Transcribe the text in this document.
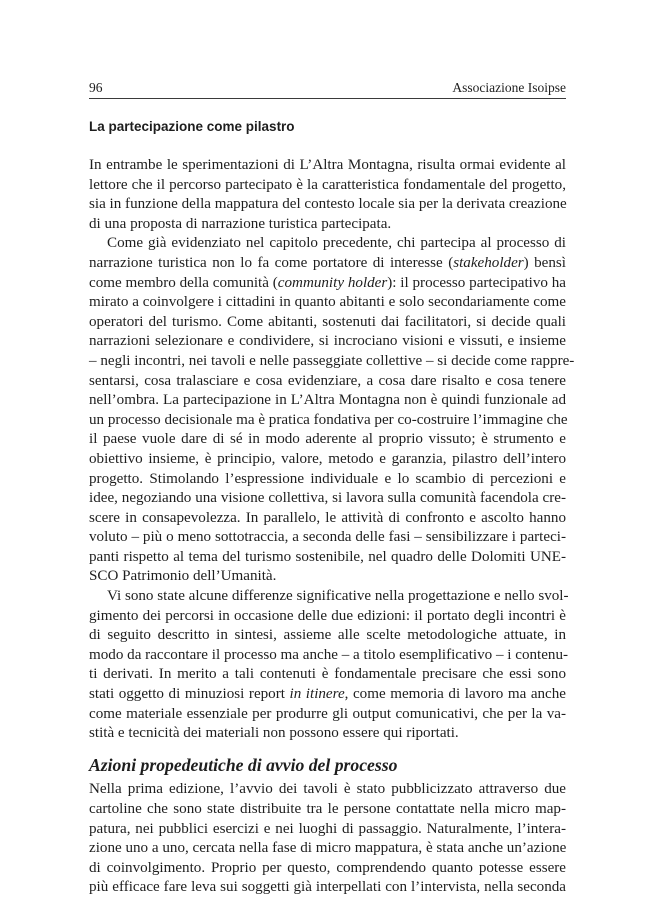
96	Associazione Isoipse
La partecipazione come pilastro
In entrambe le sperimentazioni di L’Altra Montagna, risulta ormai evidente al
lettore che il percorso partecipato è la caratteristica fondamentale del progetto,
sia in funzione della mappatura del contesto locale sia per la derivata creazione
di una proposta di narrazione turistica partecipata.
Come già evidenziato nel capitolo precedente, chi partecipa al processo di
narrazione turistica non lo fa come portatore di interesse (stakeholder) bensì
come membro della comunità (community holder): il processo partecipativo ha
mirato a coinvolgere i cittadini in quanto abitanti e solo secondariamente come
operatori del turismo. Come abitanti, sostenuti dai facilitatori, si decide quali
narrazioni selezionare e condividere, si incrociano visioni e vissuti, e insieme
– negli incontri, nei tavoli e nelle passeggiate collettive – si decide come rappre-
sentarsi, cosa tralasciare e cosa evidenziare, a cosa dare risalto e cosa tenere
nell’ombra. La partecipazione in L’Altra Montagna non è quindi funzionale ad
un processo decisionale ma è pratica fondativa per co-costruire l’immagine che
il paese vuole dare di sé in modo aderente al proprio vissuto; è strumento e
obiettivo insieme, è principio, valore, metodo e garanzia, pilastro dell’intero
progetto. Stimolando l’espressione individuale e lo scambio di percezioni e
idee, negoziando una visione collettiva, si lavora sulla comunità facendola cre-
scere in consapevolezza. In parallelo, le attività di confronto e ascolto hanno
voluto – più o meno sottotraccia, a seconda delle fasi – sensibilizzare i parteci-
panti rispetto al tema del turismo sostenibile, nel quadro delle Dolomiti UNE-
SCO Patrimonio dell’Umanità.
Vi sono state alcune differenze significative nella progettazione e nello svol-
gimento dei percorsi in occasione delle due edizioni: il portato degli incontri è
di seguito descritto in sintesi, assieme alle scelte metodologiche attuate, in
modo da raccontare il processo ma anche – a titolo esemplificativo – i contenu-
ti derivati. In merito a tali contenuti è fondamentale precisare che essi sono
stati oggetto di minuziosi report in itinere, come memoria di lavoro ma anche
come materiale essenziale per produrre gli output comunicativi, che per la va-
stità e tecnicità dei materiali non possono essere qui riportati.
Azioni propedeutiche di avvio del processo
Nella prima edizione, l’avvio dei tavoli è stato pubblicizzato attraverso due
cartoline che sono state distribuite tra le persone contattate nella micro map-
patura, nei pubblici esercizi e nei luoghi di passaggio. Naturalmente, l’intera-
zione uno a uno, cercata nella fase di micro mappatura, è stata anche un’azione
di coinvolgimento. Proprio per questo, comprendendo quanto potesse essere
più efficace fare leva sui soggetti già interpellati con l’intervista, nella seconda
